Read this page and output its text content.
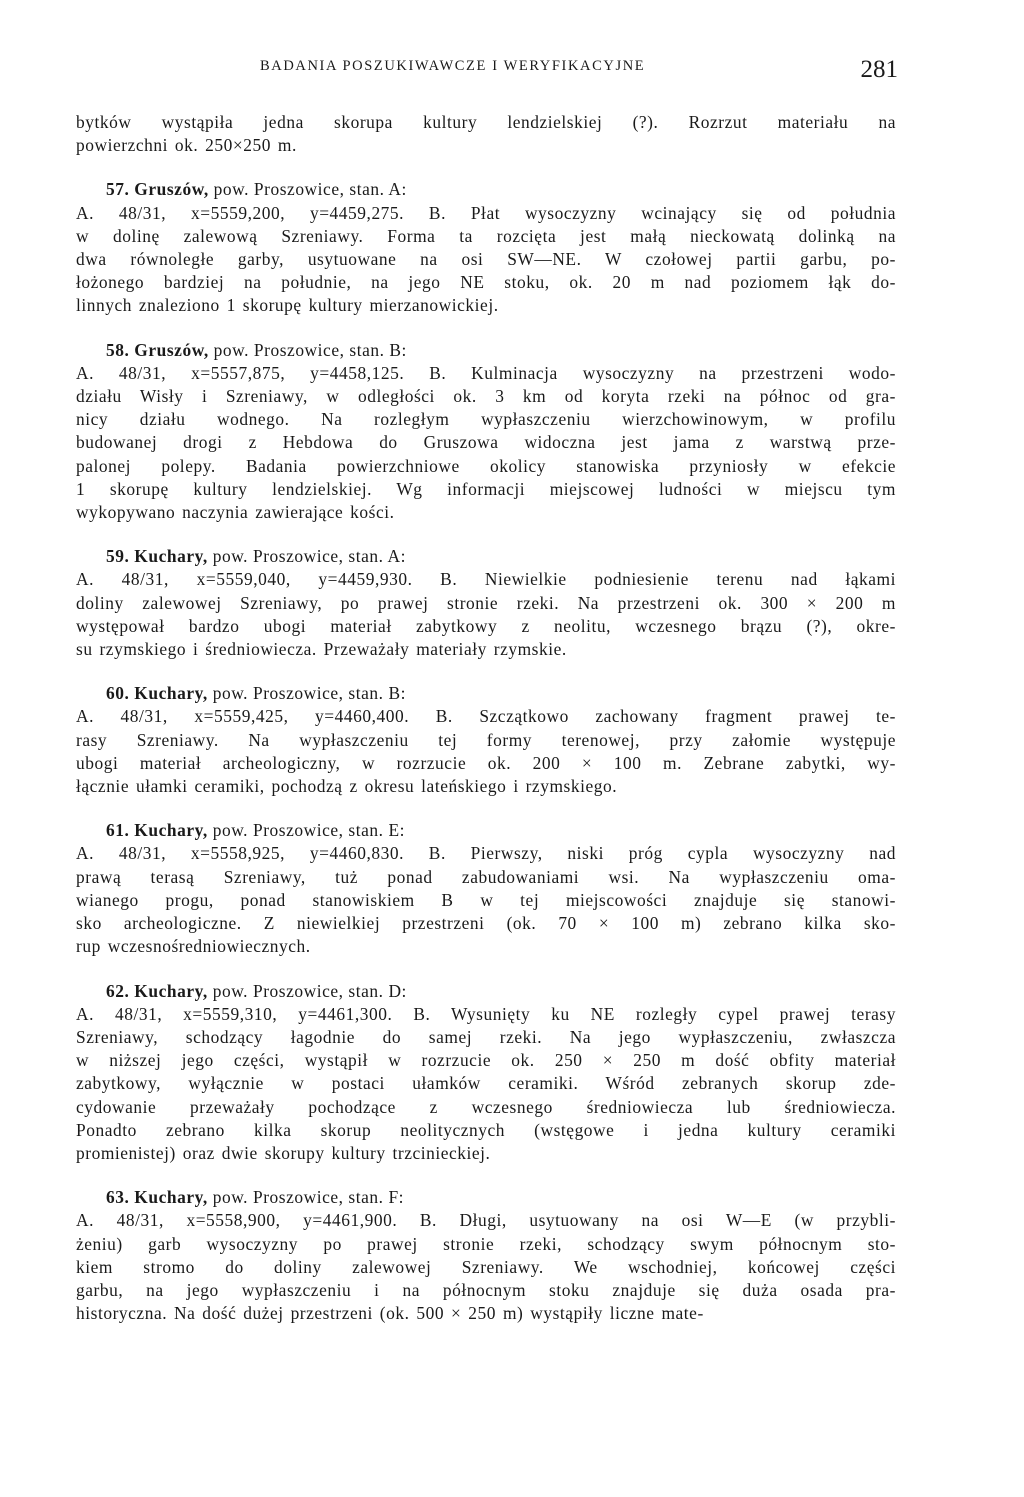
BADANIA POSZUKIWAWCZE I WERYFIKACYJNE	281

bytków wystąpiła jedna skorupa kultury lendzielskiej (?). Rozrzut materiału na
powierzchni ok. 250×250 m.

57. Gruszów, pow. Proszowice, stan. A:

A. 48/31, x=5559,200, y=4459,275. B. Płat wysoczyzny wcinający się od południa
w dolinę zalewową Szreniawy. Forma ta rozcięta jest małą nieckowatą dolinką na
dwa równoległe garby, usytuowane na osi SW—NE. W czołowej partii garbu, po-
łożonego bardziej na południe, na jego NE stoku, ok. 20 m nad poziomem łąk do-
linnych znaleziono 1 skorupę kultury mierzanowickiej.

58. Gruszów, pow. Proszowice, stan. B:

A. 48/31, x=5557,875, y=4458,125. B. Kulminacja wysoczyzny na przestrzeni wodo-
działu Wisły i Szreniawy, w odległości ok. 3 km od koryta rzeki na północ od gra-
nicy działu wodnego. Na rozległym wypłaszczeniu wierzchowinowym, w profilu
budowanej drogi z Hebdowa do Gruszowa widoczna jest jama z warstwą prze-
palonej polepy. Badania powierzchniowe okolicy stanowiska przyniosły w efekcie
1 skorupę kultury lendzielskiej. Wg informacji miejscowej ludności w miejscu tym
wykopywano naczynia zawierające kości.

59. Kuchary, pow. Proszowice, stan. A:

A. 48/31, x=5559,040, y=4459,930. B. Niewielkie podniesienie terenu nad łąkami
doliny zalewowej Szreniawy, po prawej stronie rzeki. Na przestrzeni ok. 300 × 200 m
występował bardzo ubogi materiał zabytkowy z neolitu, wczesnego brązu (?), okre-
su rzymskiego i średniowiecza. Przeważały materiały rzymskie.

60. Kuchary, pow. Proszowice, stan. B:

A. 48/31, x=5559,425, y=4460,400. B. Szczątkowo zachowany fragment prawej te-
rasy Szreniawy. Na wypłaszczeniu tej formy terenowej, przy załomie występuje
ubogi materiał archeologiczny, w rozrzucie ok. 200 × 100 m. Zebrane zabytki, wy-
łącznie ułamki ceramiki, pochodzą z okresu lateńskiego i rzymskiego.

61. Kuchary, pow. Proszowice, stan. E:

A. 48/31, x=5558,925, y=4460,830. B. Pierwszy, niski próg cypla wysoczyzny nad
prawą terasą Szreniawy, tuż ponad zabudowaniami wsi. Na wypłaszczeniu oma-
wianego progu, ponad stanowiskiem B w tej miejscowości znajduje się stanowi-
sko archeologiczne. Z niewielkiej przestrzeni (ok. 70 × 100 m) zebrano kilka sko-
rup wczesnośredniowiecznych.

62. Kuchary, pow. Proszowice, stan. D:

A. 48/31, x=5559,310, y=4461,300. B. Wysunięty ku NE rozległy cypel prawej terasy
Szreniawy, schodzący łagodnie do samej rzeki. Na jego wypłaszczeniu, zwłaszcza
w niższej jego części, wystąpił w rozrzucie ok. 250 × 250 m dość obfity materiał
zabytkowy, wyłącznie w postaci ułamków ceramiki. Wśród zebranych skorup zde-
cydowanie przeważały pochodzące z wczesnego średniowiecza lub średniowiecza.
Ponadto zebrano kilka skorup neolitycznych (wstęgowe i jedna kultury ceramiki
promienistej) oraz dwie skorupy kultury trzcinieckiej.

63. Kuchary, pow. Proszowice, stan. F:

A. 48/31, x=5558,900, y=4461,900. B. Długi, usytuowany na osi W—E (w przybli-
żeniu) garb wysoczyzny po prawej stronie rzeki, schodzący swym północnym sto-
kiem stromo do doliny zalewowej Szreniawy. We wschodniej, końcowej części
garbu, na jego wypłaszczeniu i na północnym stoku znajduje się duża osada pra-
historyczna. Na dość dużej przestrzeni (ok. 500 × 250 m) wystąpiły liczne mate-
